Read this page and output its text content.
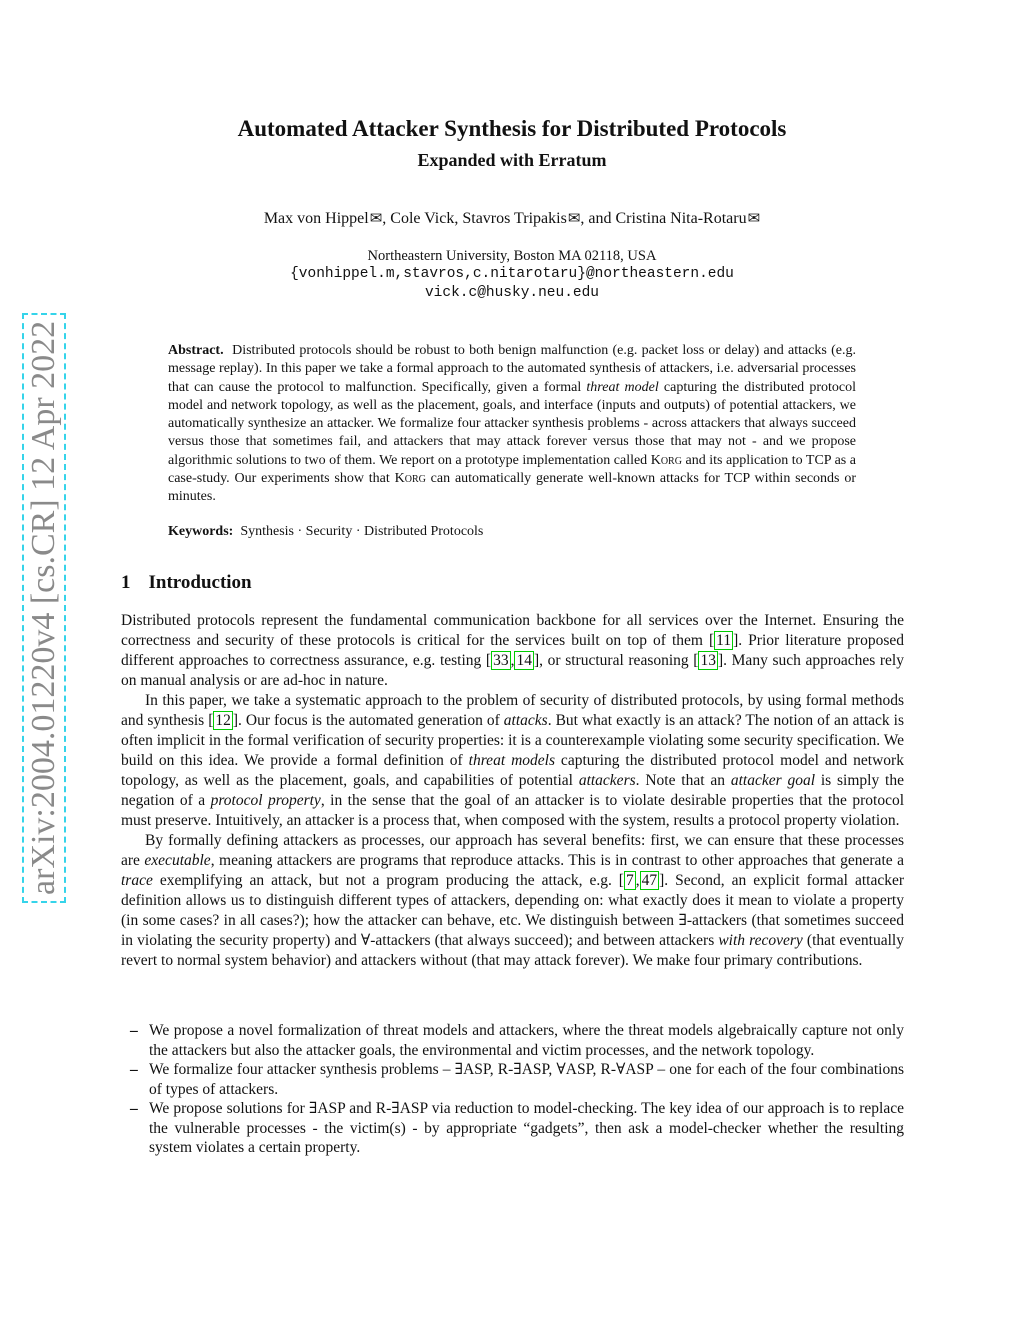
arXiv:2004.01220v4 [cs.CR] 12 Apr 2022
Automated Attacker Synthesis for Distributed Protocols
Expanded with Erratum
Max von Hippel✉, Cole Vick, Stavros Tripakis✉, and Cristina Nita-Rotaru✉
Northeastern University, Boston MA 02118, USA
{vonhippel.m,stavros,c.nitarotaru}@northeastern.edu
vick.c@husky.neu.edu
Abstract. Distributed protocols should be robust to both benign malfunction (e.g. packet loss or delay) and attacks (e.g. message replay). In this paper we take a formal approach to the automated synthesis of attackers, i.e. adversarial processes that can cause the protocol to malfunction. Specifically, given a formal threat model capturing the distributed protocol model and network topology, as well as the placement, goals, and interface (inputs and outputs) of potential attackers, we automatically synthesize an attacker. We formalize four attacker synthesis problems - across attackers that always succeed versus those that sometimes fail, and attackers that may attack forever versus those that may not - and we propose algorithmic solutions to two of them. We report on a prototype implementation called Korg and its application to TCP as a case-study. Our experiments show that Korg can automatically generate well-known attacks for TCP within seconds or minutes.
Keywords: Synthesis · Security · Distributed Protocols
1 Introduction

Distributed protocols represent the fundamental communication backbone for all services over the Internet. Ensuring the correctness and security of these protocols is critical for the services built on top of them [ 11 ]. Prior literature proposed different approaches to correctness assurance, e.g. testing [ 33 , 14 ], or structural reasoning [ 13 ]. Many such approaches rely on manual analysis or are ad-hoc in nature.

In this paper, we take a systematic approach to the problem of security of distributed protocols, by using formal methods and synthesis [ 12 ]. Our focus is the automated generation of attacks. But what exactly is an attack? The notion of an attack is often implicit in the formal verification of security properties: it is a counterexample violating some security specification. We build on this idea. We provide a formal definition of threat models capturing the distributed protocol model and network topology, as well as the placement, goals, and capabilities of potential attackers. Note that an attacker goal is simply the negation of a protocol property, in the sense that the goal of an attacker is to violate desirable properties that the protocol must preserve. Intuitively, an attacker is a process that, when composed with the system, results a protocol property violation.

By formally defining attackers as processes, our approach has several benefits: first, we can ensure that these processes are executable, meaning attackers are programs that reproduce attacks. This is in contrast to other approaches that generate a trace exemplifying an attack, but not a program producing the attack, e.g. [ 7 , 47 ]. Second, an explicit formal attacker definition allows us to distinguish different types of attackers, depending on: what exactly does it mean to violate a property (in some cases? in all cases?); how the attacker can behave, etc. We distinguish between ∃-attackers (that sometimes succeed in violating the security property) and ∀-attackers (that always succeed); and between attackers with recovery (that eventually revert to normal system behavior) and attackers without (that may attack forever). We make four primary contributions.

– We propose a novel formalization of threat models and attackers, where the threat models algebraically capture not only the attackers but also the attacker goals, the environmental and victim processes, and the network topology.
– We formalize four attacker synthesis problems – ∃ASP, R-∃ASP, ∀ASP, R-∀ASP – one for each of the four combinations of types of attackers.
– We propose solutions for ∃ASP and R-∃ASP via reduction to model-checking. The key idea of our approach is to replace the vulnerable processes - the victim(s) - by appropriate “gadgets”, then ask a model-checker whether the resulting system violates a certain property.
